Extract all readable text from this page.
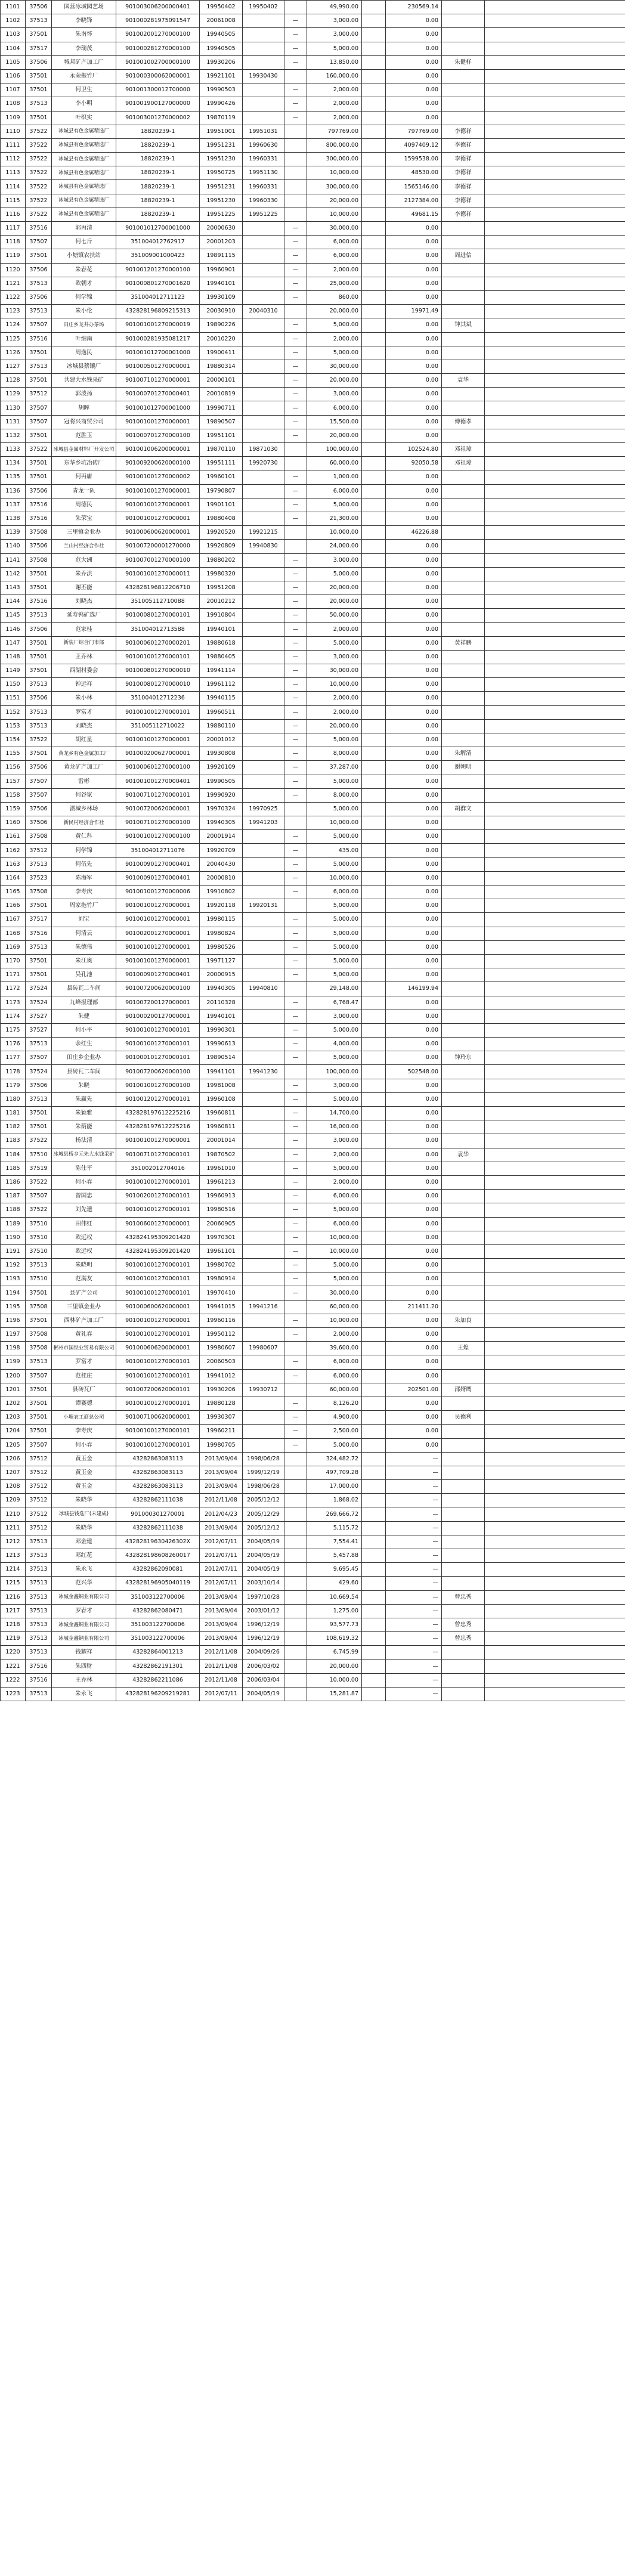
1101	37506	国营冰城园艺场	901003006200000401	19950402	19950402		49,990.00		230569.14		
1102	37513	李晓锋	901000281975091547	20061008		—	3,000.00		0.00		
1103	37501	朱南怀	901002001270000100	19940505		—	3,000.00		0.00		
1104	37517	李瑞茂	901000281270000100	19940505		—	5,000.00		0.00		
1105	37506	城邦矿产加工厂	901001002700000100	19930206		—	13,850.00		0.00	朱健样	
1106	37501	永荣拖竹厂	901000300062000001	19921101	19930430		160,000.00		0.00		
1107	37501	何卫生	901001300012700000	19990503		—	2,000.00		0.00		
1108	37513	李小明	901001900127000000	19990426		—	2,000.00		0.00		
1109	37501	叶织实	901003001270000002	19870119		—	2,000.00		0.00		
1110	37522	冰城县有色金属精选厂	18820239-1	19951001	19951031		797769.00		797769.00	李德祥	
1111	37522	冰城县有色金属精选厂	18820239-1	19951231	19960630		800,000.00		4097409.12	李德祥	
1112	37522	冰城县有色金属精选厂	18820239-1	19951230	19960331		300,000.00		1599538.00	李德祥	
1113	37522	冰城县有色金属精选厂	18820239-1	19950725	19951130		10,000.00		48530.00	李德祥	
1114	37522	冰城县有色金属精选厂	18820239-1	19951231	19960331		300,000.00		1565146.00	李德祥	
1115	37522	冰城县有色金属精选厂	18820239-1	19951230	19960330		20,000.00		2127384.00	李德祥	
1116	37522	冰城县有色金属精选厂	18820239-1	19951225	19951225		10,000.00		49681.15	李德祥	
1117	37516	郭再清	901001012700001000	20000630		—	30,000.00		0.00		
1118	37507	何七斤	351004012762917	20001203		—	6,000.00		0.00		
1119	37501	小塘镇农扶站	351009001000423	19891115		—	6,000.00		0.00	周进信	
1120	37506	朱春花	901001201270000100	19960901		—	2,000.00		0.00		
1121	37513	欧朝才	901000801270001620	19940101		—	25,000.00		0.00		
1122	37506	何学锦	351004012711123	19930109		—	860.00		0.00		
1123	37513	朱小伦	432828196809215313	20030910	20040310		20,000.00		19971.49		
1124	37507	田庄乡龙井办茶场	901001001270000019	19890226		—	5,000.00		0.00	钟其斌	
1125	37516	叶细南	901000281935081217	20010220		—	2,000.00		0.00		
1126	37501	周逸民	901001012700001000	19900411		—	5,000.00		0.00		
1127	37513	冰城县蔡镶厂	901000501270000001	19880314		—	30,000.00		0.00		
1128	37501	共建大水钱采矿	901007101270000001	20000101		—	20,000.00		0.00	袁华	
1129	37512	郭泼扬	901000701270000401	20010819		—	3,000.00		0.00		
1130	37507	胡晖	901001012700001000	19990711		—	6,000.00		0.00		
1131	37507	冠将兴商贸公司	901001001270000001	19890507		—	15,500.00		0.00	傅德孝	
1132	37501	范胜玉	901000701270000100	19951101		—	20,000.00		0.00		
1133	37522	冰城县金属材料厂开发公司	901001006200000001	19870110	19871030		100,000.00		102524.80	邓祖璋	
1134	37501	东华乡坑冶砖厂	901009200620000100	19951111	19920730		60,000.00		92050.58	邓祖璋	
1135	37501	何再庸	901001001270000002	19960101		—	1,000.00		0.00		
1136	37506	青龙一队	901001001270000001	19790807		—	6,000.00		0.00		
1137	37516	周德民	901001001270000001	19901101		—	5,000.00		0.00		
1138	37516	朱荣宝	901001001270000001	19880408		—	21,300.00		0.00		
1139	37508	三里镇金业办	901000600620000001	19920520	19921215		10,000.00		46226.88		
1140	37506	兰山村经济合作社	901007200001270000	19920809	19940830		24,000.00		0.00		
1141	37508	范大洲	901007001270000100	19880202		—	3,000.00		0.00		
1142	37501	朱乔洪	901001001270000011	19980320		—	5,000.00		0.00		
1143	37501	谢丕能	432828196812206710	19951208		—	20,000.00		0.00		
1144	37516	刘晓杰	351005112710088	20010212		—	20,000.00		0.00		
1145	37513	延寿钨矿选厂	901000801270000101	19910804		—	50,000.00		0.00		
1146	37506	范家桂	351004012713588	19940101		—	2,000.00		0.00		
1147	37501	新装厂综合门市部	901000601270000201	19880618		—	5,000.00		0.00	黄祥鹏	
1148	37501	王乔林	901001001270000101	19880405		—	3,000.00		0.00		
1149	37501	西湖村委会	901000801270000010	19941114		—	30,000.00		0.00		
1150	37513	钟远祥	901000801270000010	19961112		—	10,000.00		0.00		
1151	37506	朱小林	351004012712236	19940115		—	2,000.00		0.00		
1152	37513	罗富才	901001001270000101	19960511		—	2,000.00		0.00		
1153	37513	刘晓杰	351005112710022	19880110		—	20,000.00		0.00		
1154	37522	胡红星	901001001270000001	20001012		—	5,000.00		0.00		
1155	37501	黄龙乡有色金属加工厂	901000200627000001	19930808		—	8,000.00		0.00	朱解清	
1156	37506	黄龙矿产加工厂	901000601270000100	19920109		—	37,287.00		0.00	谢朝明	
1157	37507	雷彬	901001001270000401	19990505		—	5,000.00		0.00		
1158	37507	何谷家	901007101270000101	19990920		—	8,000.00		0.00		
1159	37506	湛城乡林场	901007200620000001	19970324	19970925		5,000.00		0.00	胡群文	
1160	37506	新民村经济合作社	901007101270000100	19940305	19941203		10,000.00		0.00		
1161	37508	黄仁科	901001001270000100	20001914		—	5,000.00		0.00		
1162	37512	何学锦	351004012711076	19920709		—	435.00		0.00		
1163	37513	何伍先	901000901270000401	20040430		—	5,000.00		0.00		
1164	37523	陈海军	901000901270000401	20000810		—	10,000.00		0.00		
1165	37508	李寿庆	901001001270000006	19910802		—	6,000.00		0.00		
1166	37501	周家拖竹厂	901001001270000001	19920118	19920131		5,000.00		0.00		
1167	37517	刘宝	901001001270000001	19980115		—	5,000.00		0.00		
1168	37516	何清云	901002001270000001	19980824		—	5,000.00		0.00		
1169	37513	朱德伟	901001001270000001	19980526		—	5,000.00		0.00		
1170	37501	朱江奥	901001001270000001	19971127		—	5,000.00		0.00		
1171	37501	吴孔池	901000901270000401	20000915		—	5,000.00		0.00		
1172	37524	县砖瓦二车间	901007200620000100	19940305	19940810		29,148.00		146199.94		
1173	37524	九峰报理部	901007200127000001	20110328		—	6,768.47		0.00		
1174	37527	朱健	901000200127000001	19940101		—	3,000.00		0.00		
1175	37527	何小平	901001001270000101	19990301		—	5,000.00		0.00		
1176	37513	余红生	901001001270000101	19990613		—	4,000.00		0.00		
1177	37507	田庄乡企业办	901000101270000101	19890514		—	5,000.00		0.00	钟玲东	
1178	37524	县砖瓦二车间	901007200620000100	19941101	19941230		100,000.00		502548.00		
1179	37506	朱晓	901001001270000100	19981008		—	3,000.00		0.00		
1180	37513	朱赢先	901001201270000101	19960108		—	5,000.00		0.00		
1181	37501	朱颖雅	432828197612225216	19960811		—	14,700.00		0.00		
1182	37501	朱荫能	432828197612225216	19960811		—	16,000.00		0.00		
1183	37522	杨法清	901001001270000001	20001014		—	3,000.00		0.00		
1184	37510	冰城县桥乡元先大水钱采矿	901007101270000101	19870502		—	2,000.00		0.00	袁华	
1185	37519	陈仕平	351002012704016	19961010		—	5,000.00		0.00		
1186	37522	何小春	901001001270000101	19961213		—	2,000.00		0.00		
1187	37507	曾国忠	901002001270000101	19960913		—	6,000.00		0.00		
1188	37522	刘先遗	901001001270000101	19980516		—	5,000.00		0.00		
1189	37510	田伟红	901006001270000001	20060905		—	6,000.00		0.00		
1190	37510	欧远权	432824195309201420	19970301		—	10,000.00		0.00		
1191	37510	欧远权	432824195309201420	19961101		—	10,000.00		0.00		
1192	37513	朱晓明	901001001270000101	19980702		—	5,000.00		0.00		
1193	37510	范满友	901001001270000101	19980914		—	5,000.00		0.00		
1194	37501	县矿产公司	901001001270000101	19970410		—	30,000.00		0.00		
1195	37508	三里镇金业办	901000600620000001	19941015	19941216		60,000.00		211411.20		
1196	37501	西林矿产加工厂	901001001270000001	19960116		—	10,000.00		0.00	朱加良	
1197	37508	黄礼春	901001001270000101	19950112		—	2,000.00		0.00		
1198	37508	郴州市国铁业贸易有限公司	901000606200000001	19980607	19980607		39,600.00		0.00	王煌	
1199	37513	罗富才	901001001270000101	20060503		—	6,000.00		0.00		
1200	37507	范桂庄	901001001270000101	19941012		—	6,000.00		0.00		
1201	37501	县砖瓦厂	901007200620000101	19930206	19930712		60,000.00		202501.00	邵婿鹰	
1202	37501	谭赛德	901001001270000101	19880128		—	8,126.20		0.00		
1203	37501	小塘农工商总公司	901007100620000001	19930307		—	4,900.00		0.00	吴德利	
1204	37501	李寿庆	901001001270000101	19960211		—	2,500.00		0.00		
1205	37507	何小春	901001001270000101	19980705		—	5,000.00		0.00		
1206	37512	黄玉金	43282863083113	2013/09/04	1998/06/28		324,482.72		—		
1207	37512	黄玉金	43282863083113	2013/09/04	1999/12/19		497,709.28		—		
1208	37512	黄玉金	43282863083113	2013/09/04	1998/06/28		17,000.00		—		
1209	37512	朱晓华	43282862111038	2012/11/08	2005/12/12		1,868.02		—		
1210	37512	冰城县钱选厂(未建成)	901000301270001	2012/04/23	2005/12/29		269,666.72		—		
1211	37512	朱晓华	43282862111038	2013/09/04	2005/12/12		5,115.72		—		
1212	37513	邓金建	43282819630426302X	2012/07/11	2004/05/19		7,554.41		—		
1213	37513	邓红花	432828198608260017	2012/07/11	2004/05/19		5,457.88		—		
1214	37513	朱永飞	43282862090081	2012/07/11	2004/05/19		9,695.45		—		
1215	37513	范兴华	432828196905040119	2012/07/11	2003/10/14		429.60		—		
1216	37513	冰城金鑫铜业有限公司	351003122700006	2013/09/04	1997/10/28		10,669.54		—	曾忠秀	
1217	37513	罗春才	43282862080471	2013/09/04	2003/01/12		1,275.00		—		
1218	37513	冰城金鑫铜业有限公司	351003122700006	2013/09/04	1996/12/19		93,577.73		—	曾忠秀	
1219	37513	冰城金鑫铜业有限公司	351003122700006	2013/09/04	1996/12/19		108,619.32		—	曾忠秀	
1220	37513	钱耀祥	43282864001213	2012/11/08	2004/09/26		6,745.99		—		
1221	37516	朱四财	43282862191301	2012/11/08	2006/03/02		20,000.00		—		
1222	37516	王乔林	43282862211086	2012/11/08	2006/03/04		10,000.00		—		
1223	37513	朱永飞	432828196209219281	2012/07/11	2004/05/19		15,281.87		—		
